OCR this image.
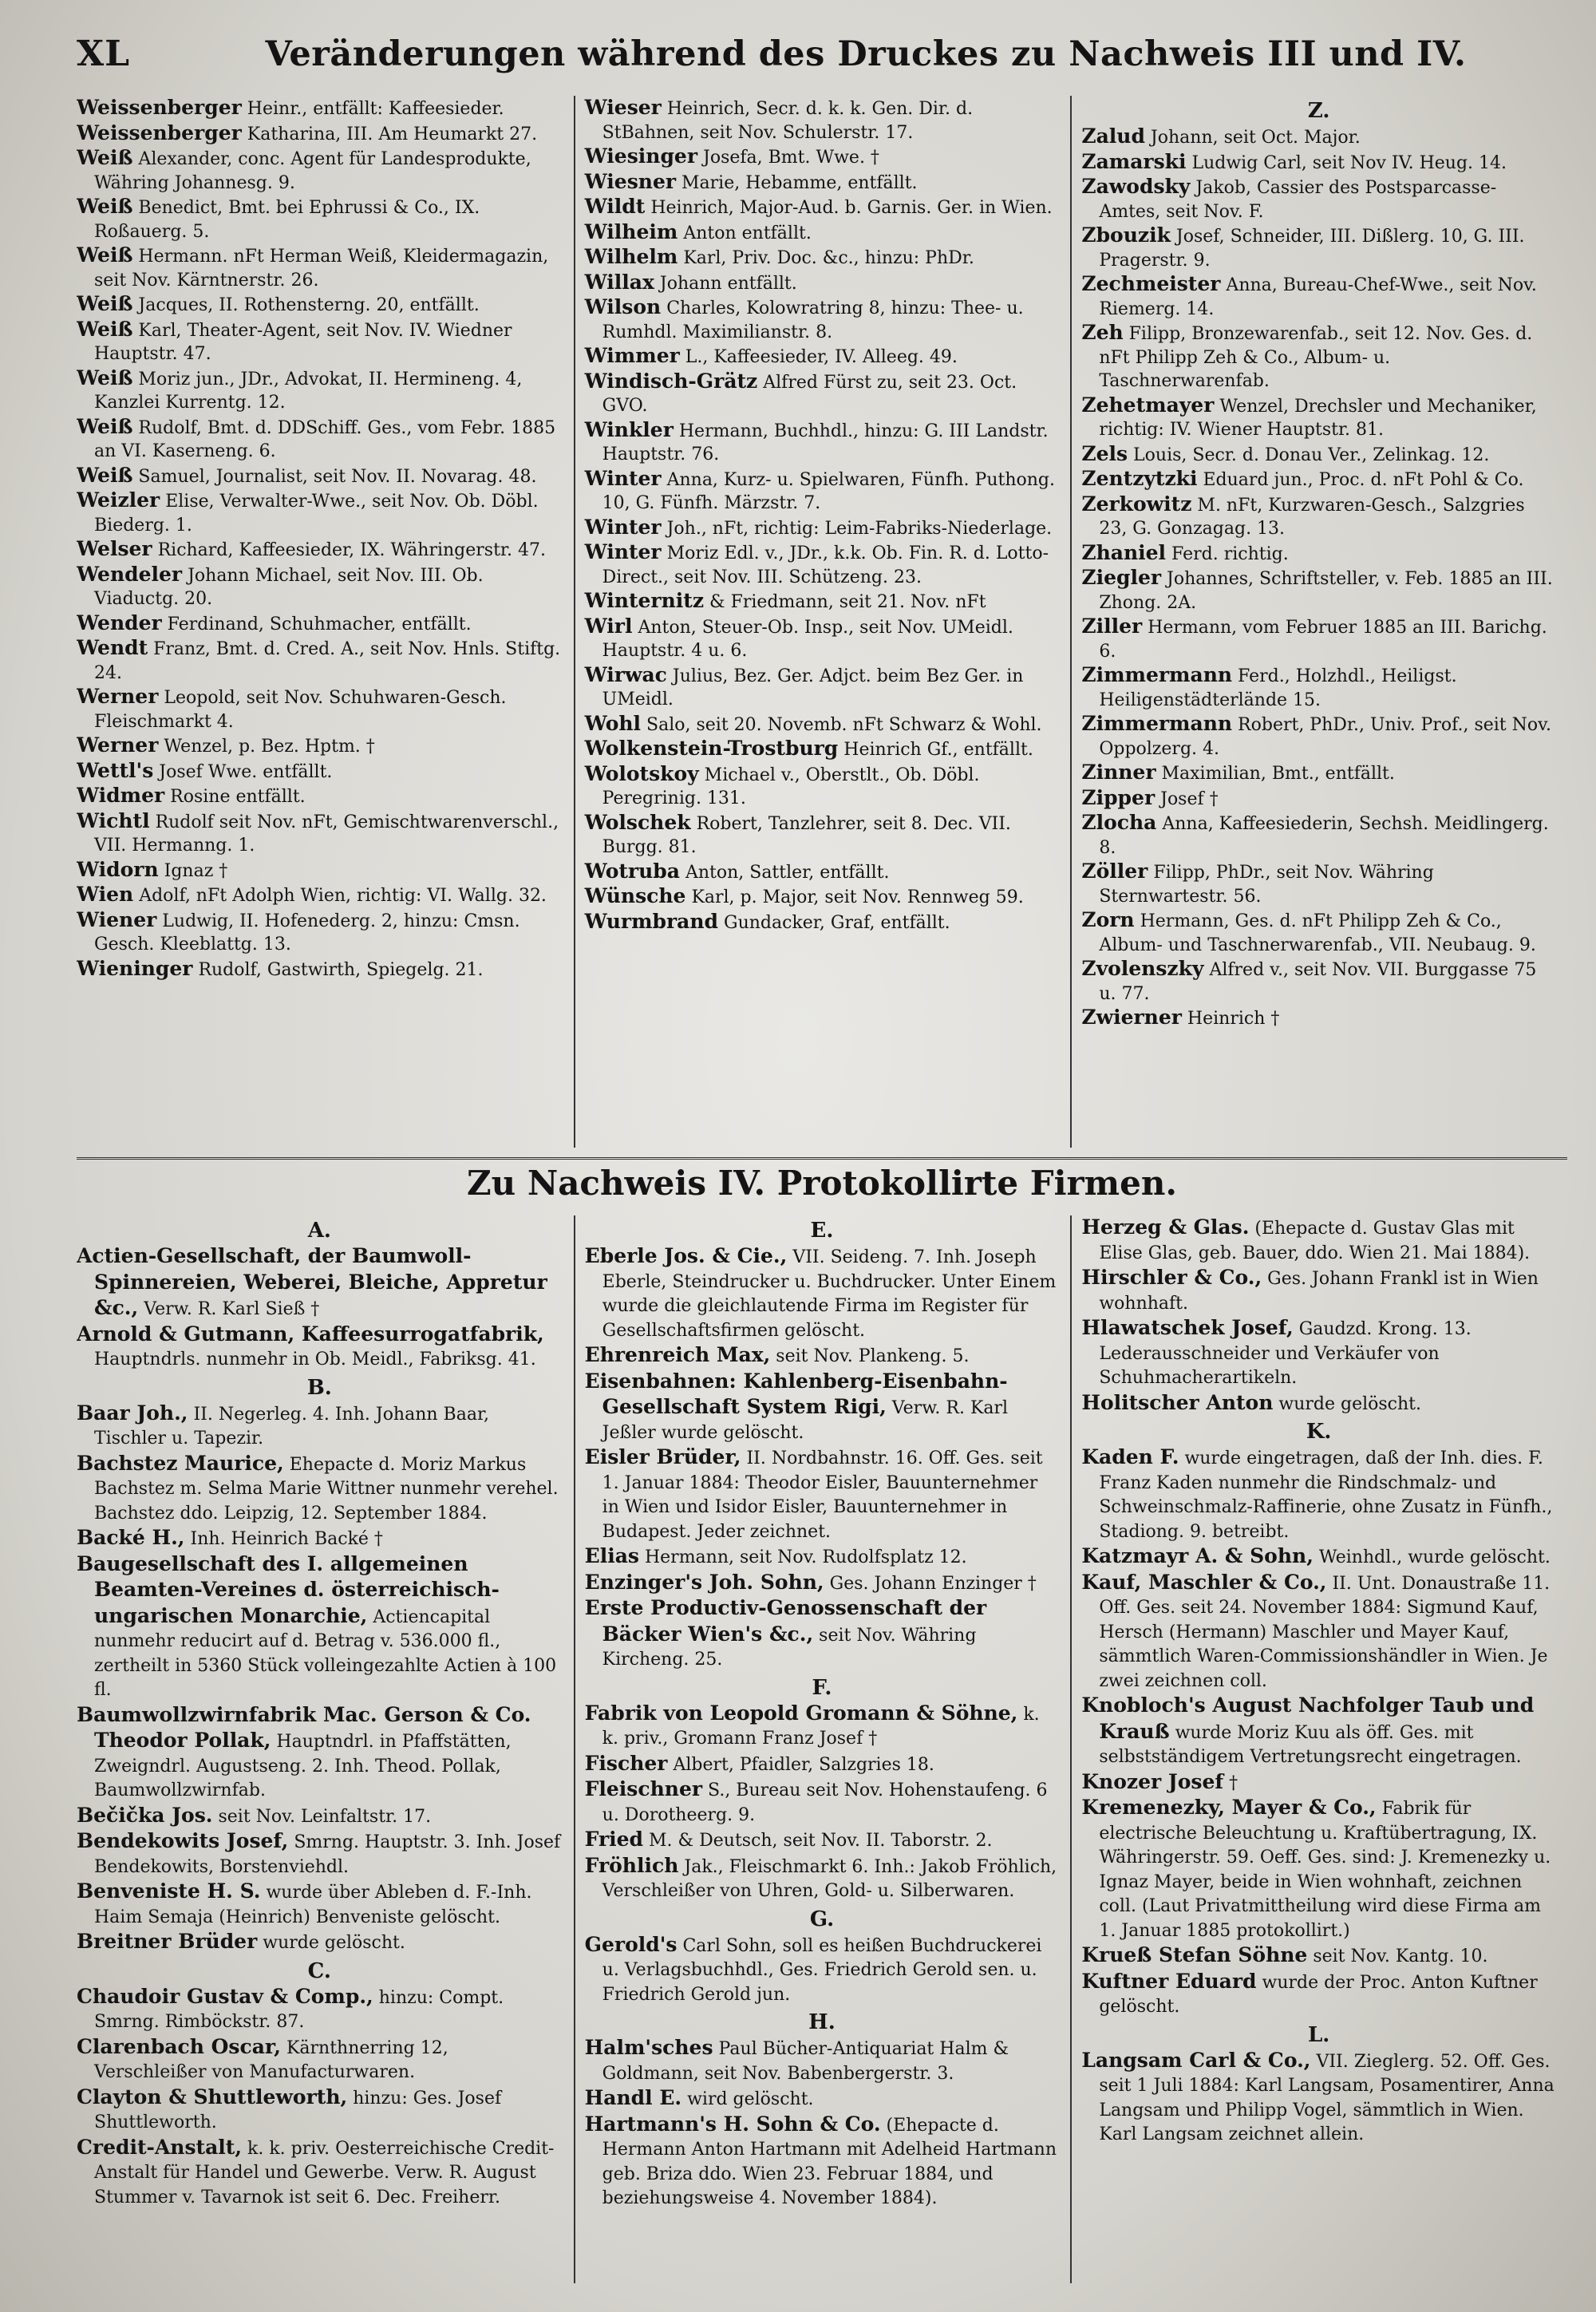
XL	Veränderungen während des Druckes zu Nachweis III und IV.

Weissenberger Heinr., entfällt: Kaffeesieder.

Weissenberger Katharina, III. Am Heumarkt 27.

Weiß Alexander, conc. Agent für Landesprodukte, Währing Johannesg. 9.

Weiß Benedict, Bmt. bei Ephrussi & Co., IX. Roßauerg. 5.

Weiß Hermann. nFt Herman Weiß, Kleidermagazin, seit Nov. Kärntnerstr. 26.

Weiß Jacques, II. Rothensterng. 20, entfällt.

Weiß Karl, Theater-Agent, seit Nov. IV. Wiedner Hauptstr. 47.

Weiß Moriz jun., JDr., Advokat, II. Hermineng. 4, Kanzlei Kurrentg. 12.

Weiß Rudolf, Bmt. d. DDSchiff. Ges., vom Febr. 1885 an VI. Kaserneng. 6.

Weiß Samuel, Journalist, seit Nov. II. Novarag. 48.

Weizler Elise, Verwalter-Wwe., seit Nov. Ob. Döbl. Biederg. 1.

Welser Richard, Kaffeesieder, IX. Währingerstr. 47.

Wendeler Johann Michael, seit Nov. III. Ob. Viaductg. 20.

Wender Ferdinand, Schuhmacher, entfällt.

Wendt Franz, Bmt. d. Cred. A., seit Nov. Hnls. Stiftg. 24.

Werner Leopold, seit Nov. Schuhwaren-Gesch. Fleischmarkt 4.

Werner Wenzel, p. Bez. Hptm. †

Wettl's Josef Wwe. entfällt.

Widmer Rosine entfällt.

Wichtl Rudolf seit Nov. nFt, Gemischtwarenverschl., VII. Hermanng. 1.

Widorn Ignaz †

Wien Adolf, nFt Adolph Wien, richtig: VI. Wallg. 32.

Wiener Ludwig, II. Hofenederg. 2, hinzu: Cmsn. Gesch. Kleeblattg. 13.

Wieninger Rudolf, Gastwirth, Spiegelg. 21.

Wieser Heinrich, Secr. d. k. k. Gen. Dir. d. StBahnen, seit Nov. Schulerstr. 17.

Wiesinger Josefa, Bmt. Wwe. †

Wiesner Marie, Hebamme, entfällt.

Wildt Heinrich, Major-Aud. b. Garnis. Ger. in Wien.

Wilheim Anton entfällt.

Wilhelm Karl, Priv. Doc. &c., hinzu: PhDr.

Willax Johann entfällt.

Wilson Charles, Kolowratring 8, hinzu: Thee- u. Rumhdl. Maximilianstr. 8.

Wimmer L., Kaffeesieder, IV. Alleeg. 49.

Windisch-Grätz Alfred Fürst zu, seit 23. Oct. GVO.

Winkler Hermann, Buchhdl., hinzu: G. III Landstr. Hauptstr. 76.

Winter Anna, Kurz- u. Spielwaren, Fünfh. Puthong. 10, G. Fünfh. Märzstr. 7.

Winter Joh., nFt, richtig: Leim-Fabriks-Niederlage.

Winter Moriz Edl. v., JDr., k.k. Ob. Fin. R. d. Lotto-Direct., seit Nov. III. Schützeng. 23.

Winternitz & Friedmann, seit 21. Nov. nFt

Wirl Anton, Steuer-Ob. Insp., seit Nov. UMeidl. Hauptstr. 4 u. 6.

Wirwac Julius, Bez. Ger. Adjct. beim Bez Ger. in UMeidl.

Wohl Salo, seit 20. Novemb. nFt Schwarz & Wohl.

Wolkenstein-Trostburg Heinrich Gf., entfällt.

Wolotskoy Michael v., Oberstlt., Ob. Döbl. Peregrinig. 131.

Wolschek Robert, Tanzlehrer, seit 8. Dec. VII. Burgg. 81.

Wotruba Anton, Sattler, entfällt.

Wünsche Karl, p. Major, seit Nov. Rennweg 59.

Wurmbrand Gundacker, Graf, entfällt.

Z.

Zalud Johann, seit Oct. Major.

Zamarski Ludwig Carl, seit Nov IV. Heug. 14.

Zawodsky Jakob, Cassier des Postsparcasse-Amtes, seit Nov. F.

Zbouzik Josef, Schneider, III. Dißlerg. 10, G. III. Pragerstr. 9.

Zechmeister Anna, Bureau-Chef-Wwe., seit Nov. Riemerg. 14.

Zeh Filipp, Bronzewarenfab., seit 12. Nov. Ges. d. nFt Philipp Zeh & Co., Album- u. Taschnerwarenfab.

Zehetmayer Wenzel, Drechsler und Mechaniker, richtig: IV. Wiener Hauptstr. 81.

Zels Louis, Secr. d. Donau Ver., Zelinkag. 12.

Zentzytzki Eduard jun., Proc. d. nFt Pohl & Co.

Zerkowitz M. nFt, Kurzwaren-Gesch., Salzgries 23, G. Gonzagag. 13.

Zhaniel Ferd. richtig.

Ziegler Johannes, Schriftsteller, v. Feb. 1885 an III. Zhong. 2A.

Ziller Hermann, vom Februer 1885 an III. Barichg. 6.

Zimmermann Ferd., Holzhdl., Heiligst. Heiligenstädterlände 15.

Zimmermann Robert, PhDr., Univ. Prof., seit Nov. Oppolzerg. 4.

Zinner Maximilian, Bmt., entfällt.

Zipper Josef †

Zlocha Anna, Kaffeesiederin, Sechsh. Meidlingerg. 8.

Zöller Filipp, PhDr., seit Nov. Währing Sternwartestr. 56.

Zorn Hermann, Ges. d. nFt Philipp Zeh & Co., Album- und Taschnerwarenfab., VII. Neubaug. 9.

Zvolenszky Alfred v., seit Nov. VII. Burggasse 75 u. 77.

Zwierner Heinrich †

Zu Nachweis IV. Protokollirte Firmen.
A.

Actien-Gesellschaft, der Baumwoll-Spinnereien, Weberei, Bleiche, Appretur &c., Verw. R. Karl Sieß †

Arnold & Gutmann, Kaffeesurrogatfabrik, Hauptndrls. nunmehr in Ob. Meidl., Fabriksg. 41.

B.

Baar Joh., II. Negerleg. 4. Inh. Johann Baar, Tischler u. Tapezir.

Bachstez Maurice, Ehepacte d. Moriz Markus Bachstez m. Selma Marie Wittner nunmehr verehel. Bachstez ddo. Leipzig, 12. September 1884.

Backé H., Inh. Heinrich Backé †

Baugesellschaft des I. allgemeinen Beamten-Vereines d. österreichisch-ungarischen Monarchie, Actiencapital nunmehr reducirt auf d. Betrag v. 536.000 fl., zertheilt in 5360 Stück volleingezahlte Actien à 100 fl.

Baumwollzwirnfabrik Mac. Gerson & Co. Theodor Pollak, Hauptndrl. in Pfaffstätten, Zweigndrl. Augustseng. 2. Inh. Theod. Pollak, Baumwollzwirnfab.

Bečička Jos. seit Nov. Leinfaltstr. 17.

Bendekowits Josef, Smrng. Hauptstr. 3. Inh. Josef Bendekowits, Borstenviehdl.

Benveniste H. S. wurde über Ableben d. F.-Inh. Haim Semaja (Heinrich) Benveniste gelöscht.

Breitner Brüder wurde gelöscht.

C.

Chaudoir Gustav & Comp., hinzu: Compt. Smrng. Rimböckstr. 87.

Clarenbach Oscar, Kärnthnerring 12, Verschleißer von Manufacturwaren.

Clayton & Shuttleworth, hinzu: Ges. Josef Shuttleworth.

Credit-Anstalt, k. k. priv. Oesterreichische Credit-Anstalt für Handel und Gewerbe. Verw. R. August Stummer v. Tavarnok ist seit 6. Dec. Freiherr.

E.

Eberle Jos. & Cie., VII. Seideng. 7. Inh. Joseph Eberle, Steindrucker u. Buchdrucker. Unter Einem wurde die gleichlautende Firma im Register für Gesellschaftsfirmen gelöscht.

Ehrenreich Max, seit Nov. Plankeng. 5.

Eisenbahnen: Kahlenberg-Eisenbahn-Gesellschaft System Rigi, Verw. R. Karl Jeßler wurde gelöscht.

Eisler Brüder, II. Nordbahnstr. 16. Off. Ges. seit 1. Januar 1884: Theodor Eisler, Bauunternehmer in Wien und Isidor Eisler, Bauunternehmer in Budapest. Jeder zeichnet.

Elias Hermann, seit Nov. Rudolfsplatz 12.

Enzinger's Joh. Sohn, Ges. Johann Enzinger †

Erste Productiv-Genossenschaft der Bäcker Wien's &c., seit Nov. Währing Kircheng. 25.

F.

Fabrik von Leopold Gromann & Söhne, k. k. priv., Gromann Franz Josef †

Fischer Albert, Pfaidler, Salzgries 18.

Fleischner S., Bureau seit Nov. Hohenstaufeng. 6 u. Dorotheerg. 9.

Fried M. & Deutsch, seit Nov. II. Taborstr. 2.

Fröhlich Jak., Fleischmarkt 6. Inh.: Jakob Fröhlich, Verschleißer von Uhren, Gold- u. Silberwaren.

G.

Gerold's Carl Sohn, soll es heißen Buchdruckerei u. Verlagsbuchhdl., Ges. Friedrich Gerold sen. u. Friedrich Gerold jun.

H.

Halm'sches Paul Bücher-Antiquariat Halm & Goldmann, seit Nov. Babenbergerstr. 3.

Handl E. wird gelöscht.

Hartmann's H. Sohn & Co. (Ehepacte d. Hermann Anton Hartmann mit Adelheid Hartmann geb. Briza ddo. Wien 23. Februar 1884, und beziehungsweise 4. November 1884).

Herzeg & Glas. (Ehepacte d. Gustav Glas mit Elise Glas, geb. Bauer, ddo. Wien 21. Mai 1884).

Hirschler & Co., Ges. Johann Frankl ist in Wien wohnhaft.

Hlawatschek Josef, Gaudzd. Krong. 13. Lederausschneider und Verkäufer von Schuhmacherartikeln.

Holitscher Anton wurde gelöscht.

K.

Kaden F. wurde eingetragen, daß der Inh. dies. F. Franz Kaden nunmehr die Rindschmalz- und Schweinschmalz-Raffinerie, ohne Zusatz in Fünfh., Stadiong. 9. betreibt.

Katzmayr A. & Sohn, Weinhdl., wurde gelöscht.

Kauf, Maschler & Co., II. Unt. Donaustraße 11. Off. Ges. seit 24. November 1884: Sigmund Kauf, Hersch (Hermann) Maschler und Mayer Kauf, sämmtlich Waren-Commissionshändler in Wien. Je zwei zeichnen coll.

Knobloch's August Nachfolger Taub und Krauß wurde Moriz Kuu als öff. Ges. mit selbstständigem Vertretungsrecht eingetragen.

Knozer Josef †

Kremenezky, Mayer & Co., Fabrik für electrische Beleuchtung u. Kraftübertragung, IX. Währingerstr. 59. Oeff. Ges. sind: J. Kremenezky u. Ignaz Mayer, beide in Wien wohnhaft, zeichnen coll. (Laut Privatmittheilung wird diese Firma am 1. Januar 1885 protokollirt.)

Krueß Stefan Söhne seit Nov. Kantg. 10.

Kuftner Eduard wurde der Proc. Anton Kuftner gelöscht.

L.

Langsam Carl & Co., VII. Zieglerg. 52. Off. Ges. seit 1 Juli 1884: Karl Langsam, Posamentirer, Anna Langsam und Philipp Vogel, sämmtlich in Wien. Karl Langsam zeichnet allein.
